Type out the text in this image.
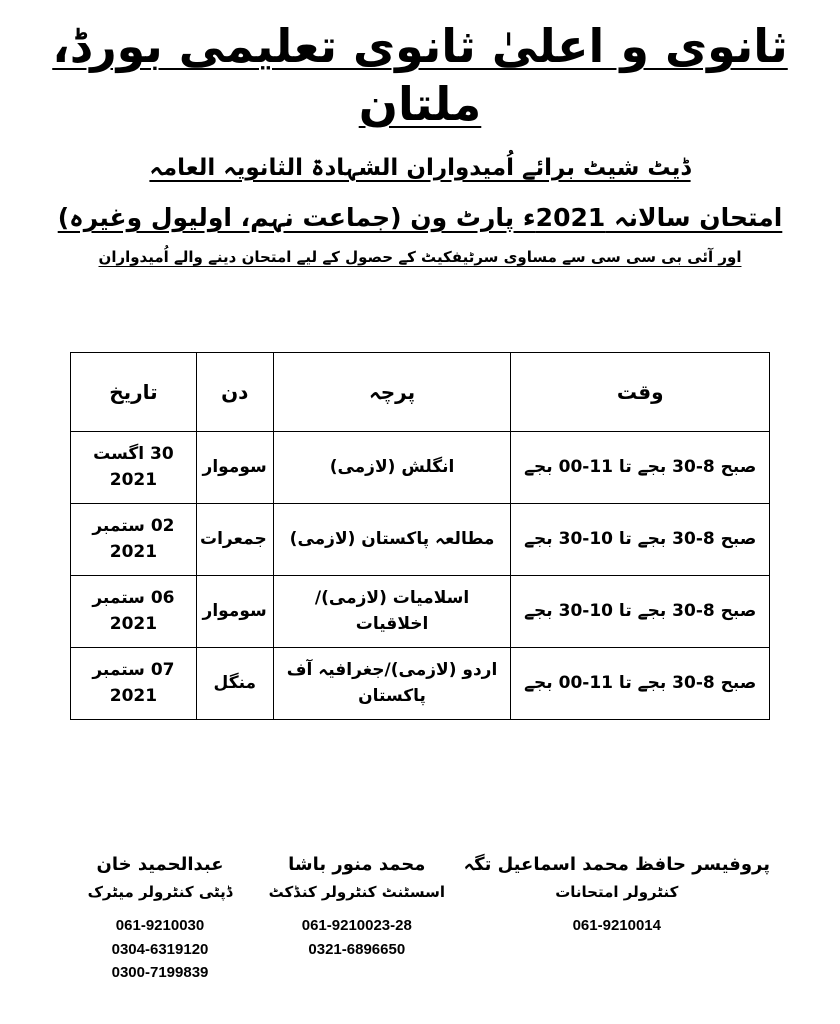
ثانوی و اعلیٰ ثانوی تعلیمی بورڈ، ملتان
ڈیٹ شیٹ برائے اُمیدواران الشہادۃ الثانویہ العامہ
امتحان سالانہ 2021ء پارٹ ون (جماعت نہم، اولیول وغیرہ)
اور آئی بی سی سی سے مساوی سرٹیفکیٹ کے حصول کے لیے امتحان دینے والے اُمیدواران
وقت	پرچہ	دن	تاریخ
صبح 8-30 بجے تا 11-00 بجے	انگلش (لازمی)	سوموار	30 اگست 2021
صبح 8-30 بجے تا 10-30 بجے	مطالعہ پاکستان (لازمی)	جمعرات	02 ستمبر 2021
صبح 8-30 بجے تا 10-30 بجے	اسلامیات (لازمی)/اخلاقیات	سوموار	06 ستمبر 2021
صبح 8-30 بجے تا 11-00 بجے	اردو (لازمی)/جغرافیہ آف پاکستان	منگل	07 ستمبر 2021
پروفیسر حافظ محمد اسماعیل تگہ
کنٹرولر امتحانات
061-9210014
محمد منور باشا
اسسٹنٹ کنٹرولر کنڈکٹ
061-9210023-28
0321-6896650
عبدالحمید خان
ڈپٹی کنٹرولر میٹرک
061-9210030
0304-6319120
0300-7199839
